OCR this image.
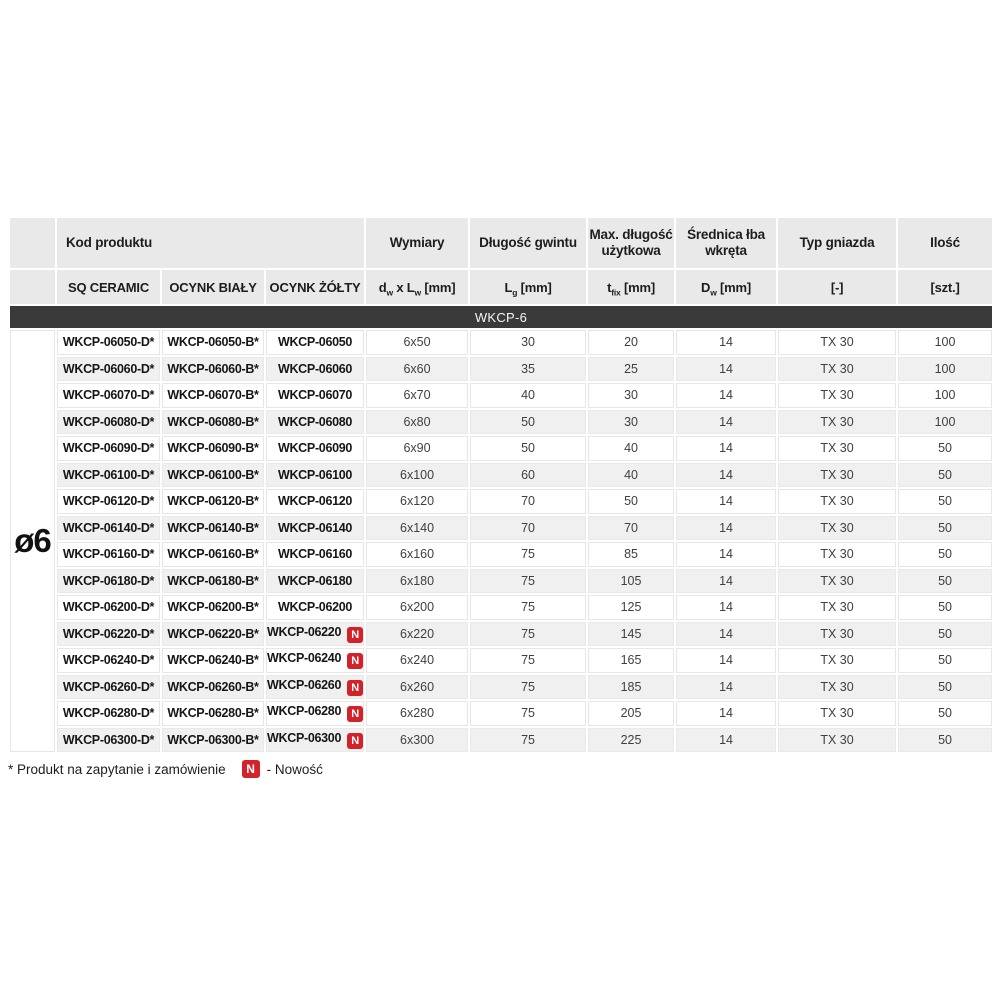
	Kod produktu			Wymiary	Długość gwintu	Max. długość użytkowa	Średnica łba wkręta	Typ gniazda	Ilość
	SQ CERAMIC	OCYNK BIAŁY	OCYNK ŻÓŁTY	$d_w$ x $L_w$ [mm]	$L_g$ [mm]	$t_{fix}$ [mm]	$D_w$ [mm]	[-]	[szt.]
WKCP-6									
ø6	WKCP-06050-D*	WKCP-06050-B*	WKCP-06050	6x50	30	20	14	TX 30	100
	WKCP-06060-D*	WKCP-06060-B*	WKCP-06060	6x60	35	25	14	TX 30	100
	WKCP-06070-D*	WKCP-06070-B*	WKCP-06070	6x70	40	30	14	TX 30	100
	WKCP-06080-D*	WKCP-06080-B*	WKCP-06080	6x80	50	30	14	TX 30	100
	WKCP-06090-D*	WKCP-06090-B*	WKCP-06090	6x90	50	40	14	TX 30	50
	WKCP-06100-D*	WKCP-06100-B*	WKCP-06100	6x100	60	40	14	TX 30	50
	WKCP-06120-D*	WKCP-06120-B*	WKCP-06120	6x120	70	50	14	TX 30	50
	WKCP-06140-D*	WKCP-06140-B*	WKCP-06140	6x140	70	70	14	TX 30	50
	WKCP-06160-D*	WKCP-06160-B*	WKCP-06160	6x160	75	85	14	TX 30	50
	WKCP-06180-D*	WKCP-06180-B*	WKCP-06180	6x180	75	105	14	TX 30	50
	WKCP-06200-D*	WKCP-06200-B*	WKCP-06200	6x200	75	125	14	TX 30	50
	WKCP-06220-D*	WKCP-06220-B*	WKCP-06220 N	6x220	75	145	14	TX 30	50
	WKCP-06240-D*	WKCP-06240-B*	WKCP-06240 N	6x240	75	165	14	TX 30	50
	WKCP-06260-D*	WKCP-06260-B*	WKCP-06260 N	6x260	75	185	14	TX 30	50
	WKCP-06280-D*	WKCP-06280-B*	WKCP-06280 N	6x280	75	205	14	TX 30	50
	WKCP-06300-D*	WKCP-06300-B*	WKCP-06300 N	6x300	75	225	14	TX 30	50
* Produkt na zapytanie i zamówienie	N - Nowość
